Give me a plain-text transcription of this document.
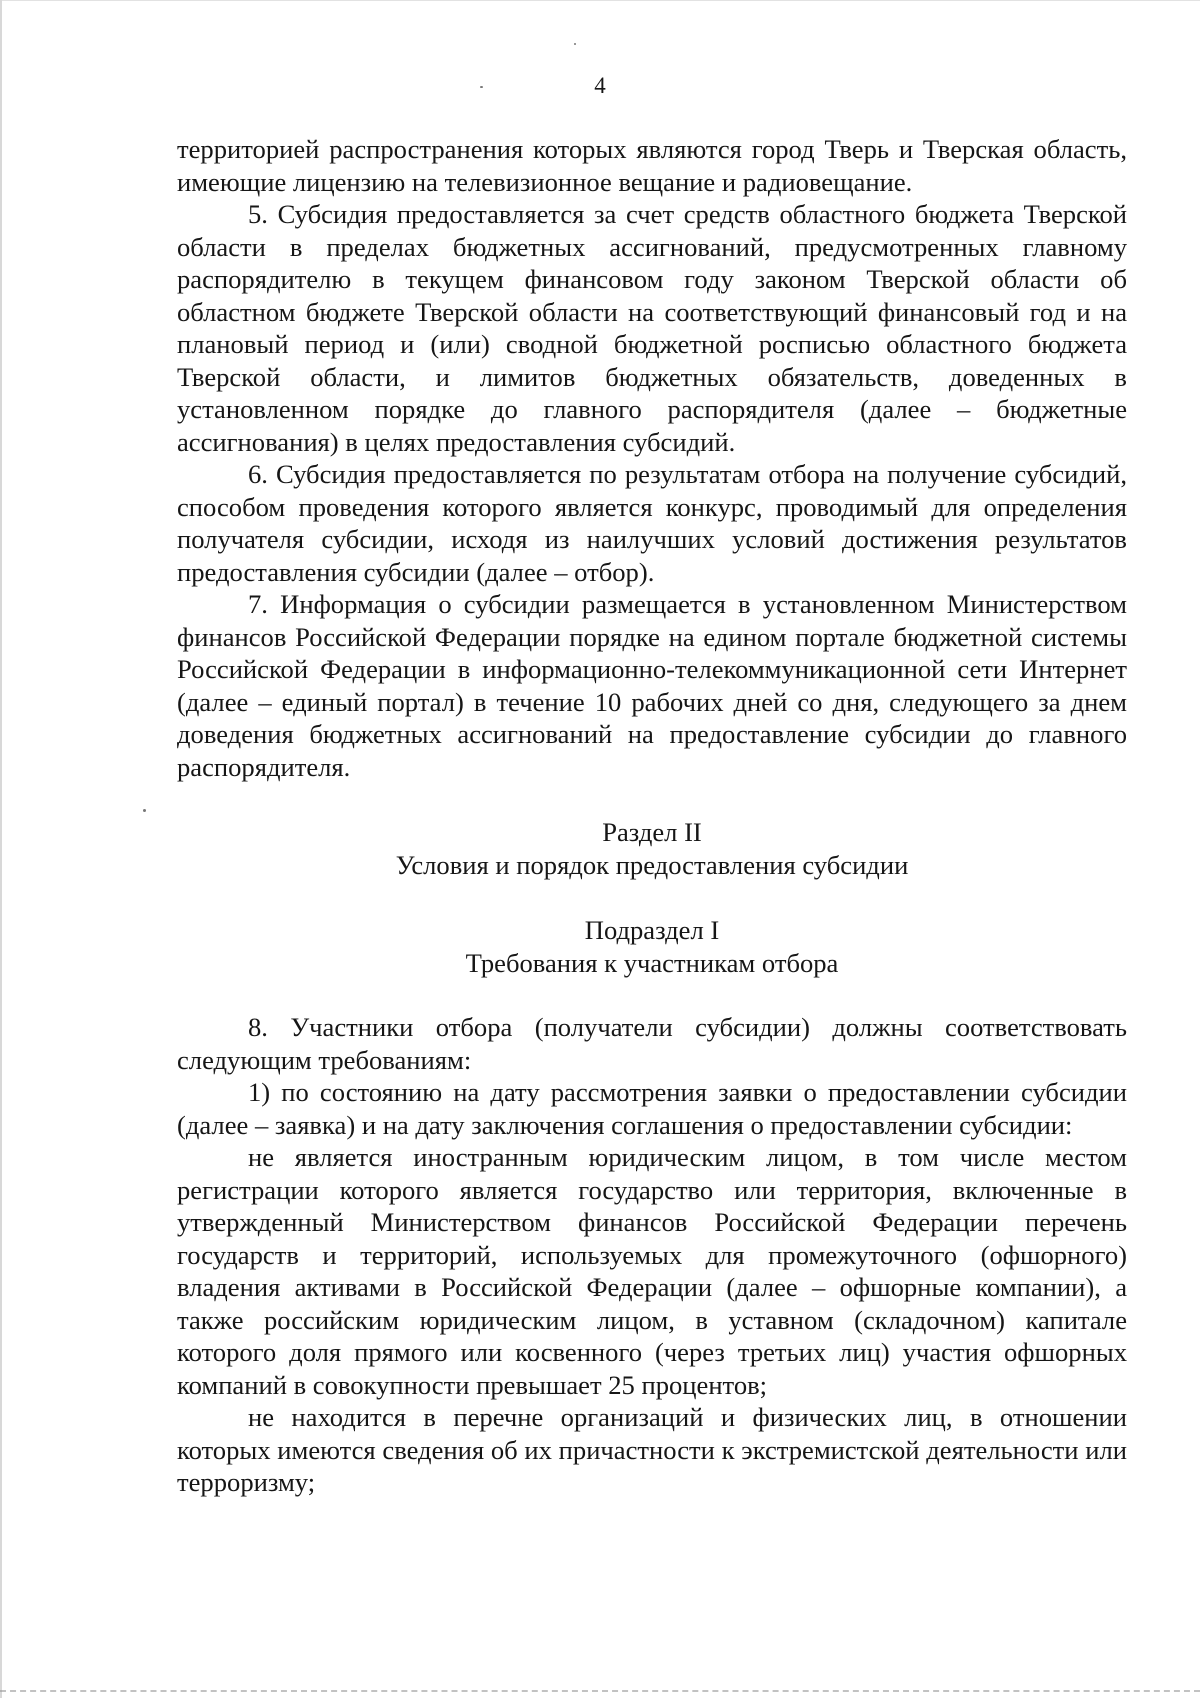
4

территорией распространения которых являются город Тверь и Тверская область, имеющие лицензию на телевизионное вещание и радиовещание.

5. Субсидия предоставляется за счет средств областного бюджета Тверской области в пределах бюджетных ассигнований, предусмотренных главному распорядителю в текущем финансовом году законом Тверской области об областном бюджете Тверской области на соответствующий финансовый год и на плановый период и (или) сводной бюджетной росписью областного бюджета Тверской области, и лимитов бюджетных обязательств, доведенных в установленном порядке до главного распорядителя (далее – бюджетные ассигнования) в целях предоставления субсидий.

6. Субсидия предоставляется по результатам отбора на получение субсидий, способом проведения которого является конкурс, проводимый для определения получателя субсидии, исходя из наилучших условий достижения результатов предоставления субсидии (далее – отбор).

7. Информация о субсидии размещается в установленном Министерством финансов Российской Федерации порядке на едином портале бюджетной системы Российской Федерации в информационно-телекоммуникационной сети Интернет (далее – единый портал) в течение 10 рабочих дней со дня, следующего за днем доведения бюджетных ассигнований на предоставление субсидии до главного распорядителя.

Раздел II
Условия и порядок предоставления субсидии
Подраздел I
Требования к участникам отбора

8. Участники отбора (получатели субсидии) должны соответствовать следующим требованиям:

1) по состоянию на дату рассмотрения заявки о предоставлении субсидии (далее – заявка) и на дату заключения соглашения о предоставлении субсидии:

не является иностранным юридическим лицом, в том числе местом регистрации которого является государство или территория, включенные в утвержденный Министерством финансов Российской Федерации перечень государств и территорий, используемых для промежуточного (офшорного) владения активами в Российской Федерации (далее – офшорные компании), а также российским юридическим лицом, в уставном (складочном) капитале которого доля прямого или косвенного (через третьих лиц) участия офшорных компаний в совокупности превышает 25 процентов;

не находится в перечне организаций и физических лиц, в отношении которых имеются сведения об их причастности к экстремистской деятельности или терроризму;
